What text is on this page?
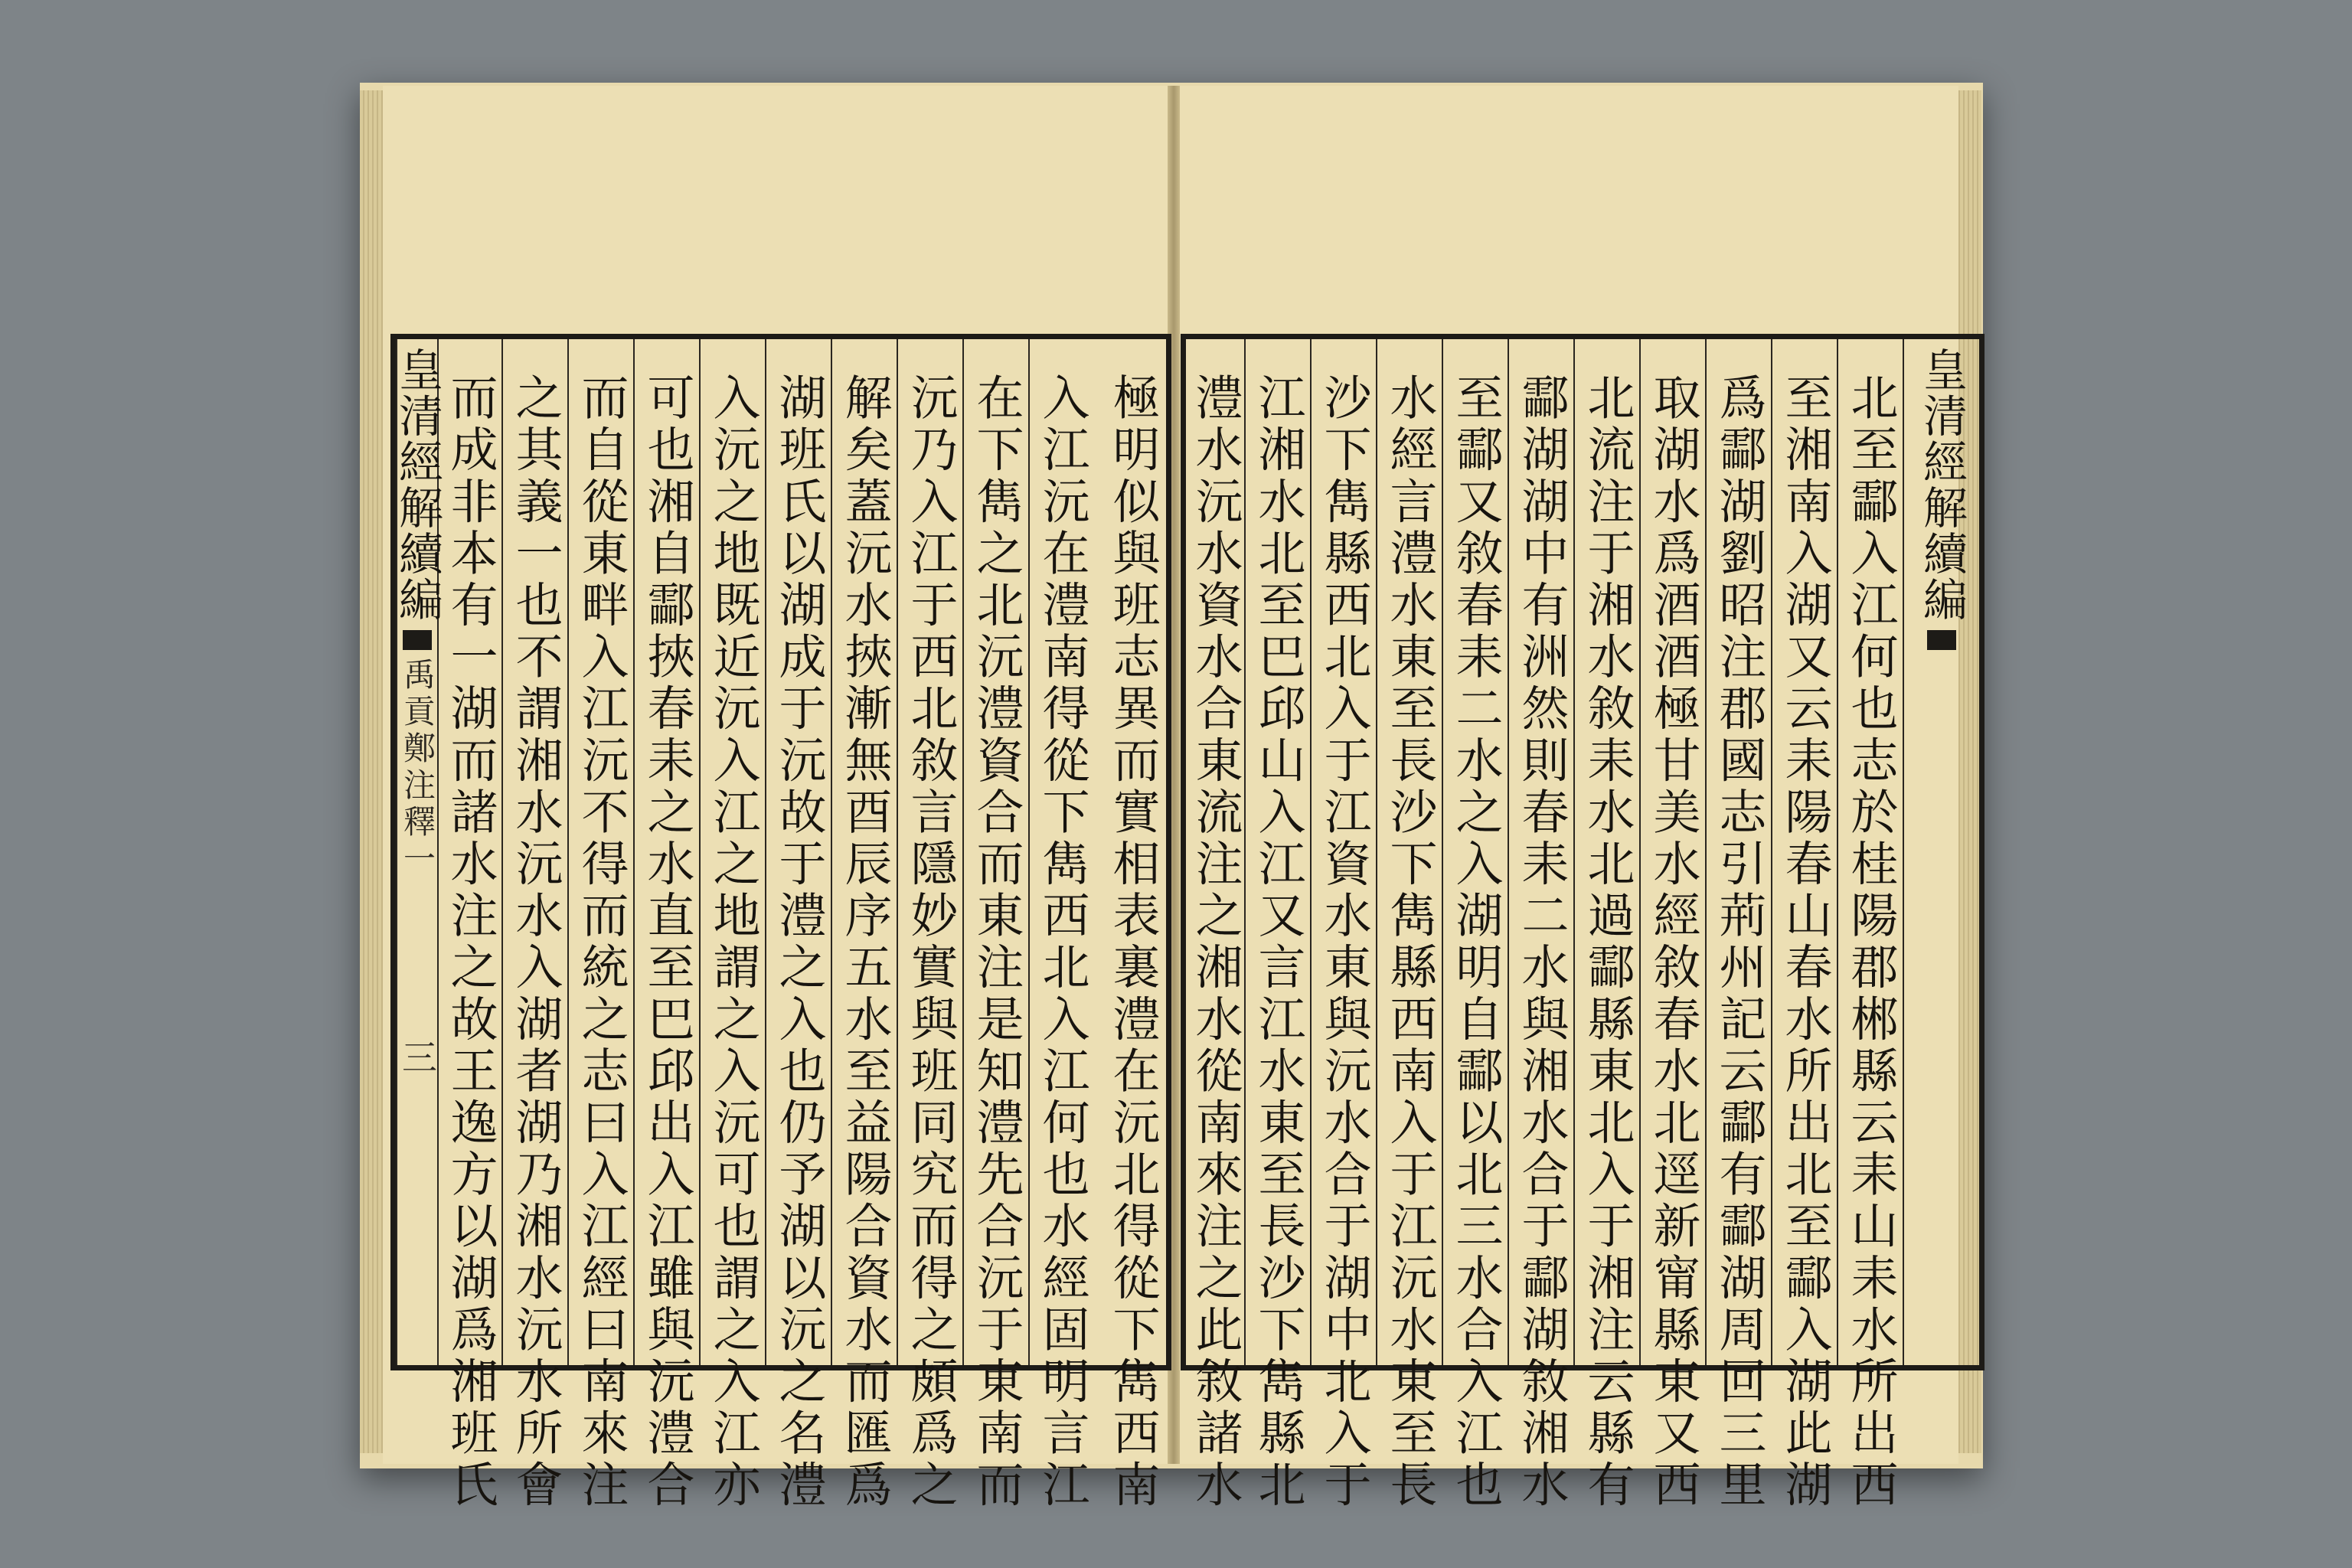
極明似與班志異而實相表裏澧在沅北得從下雋西南
入江沅在澧南得從下雋西北入江何也水經固明言江
在下雋之北沅澧資合而東注是知澧先合沅于東南而
沅乃入江于西北敘言隱妙實與班同究而得之頗爲之
解矣蓋沅水挾漸無酉辰序五水至益陽合資水而匯爲
湖班氏以湖成于沅故于澧之入也仍予湖以沅之名澧
入沅之地既近沅入江之地謂之入沅可也謂之入江亦
可也湘自酃挾春耒之水直至巴邱出入江雖與沅澧合
而自從東畔入江沅不得而統之志曰入江經曰南來注
之其義一也不謂湘水沅水入湖者湖乃湘水沅水所會
而成非本有一湖而諸水注之故王逸方以湖爲湘班氏
皇清經解續編
禹貢鄭注釋一
三
皇清經解續編
北至酃入江何也志於桂陽郡郴縣云耒山耒水所出西
至湘南入湖又云耒陽春山春水所出北至酃入湖此湖
爲酃湖劉昭注郡國志引荊州記云酃有酃湖周回三里
取湖水爲酒酒極甘美水經敘春水北逕新甯縣東又西
北流注于湘水敘耒水北過酃縣東北入于湘注云縣有
酃湖湖中有洲然則春耒二水與湘水合于酃湖敘湘水
至酃又敘春耒二水之入湖明自酃以北三水合入江也
水經言澧水東至長沙下雋縣西南入于江沅水東至長
沙下雋縣西北入于江資水東與沅水合于湖中北入于
江湘水北至巴邱山入江又言江水東至長沙下雋縣北
澧水沅水資水合東流注之湘水從南來注之此敘諸水
